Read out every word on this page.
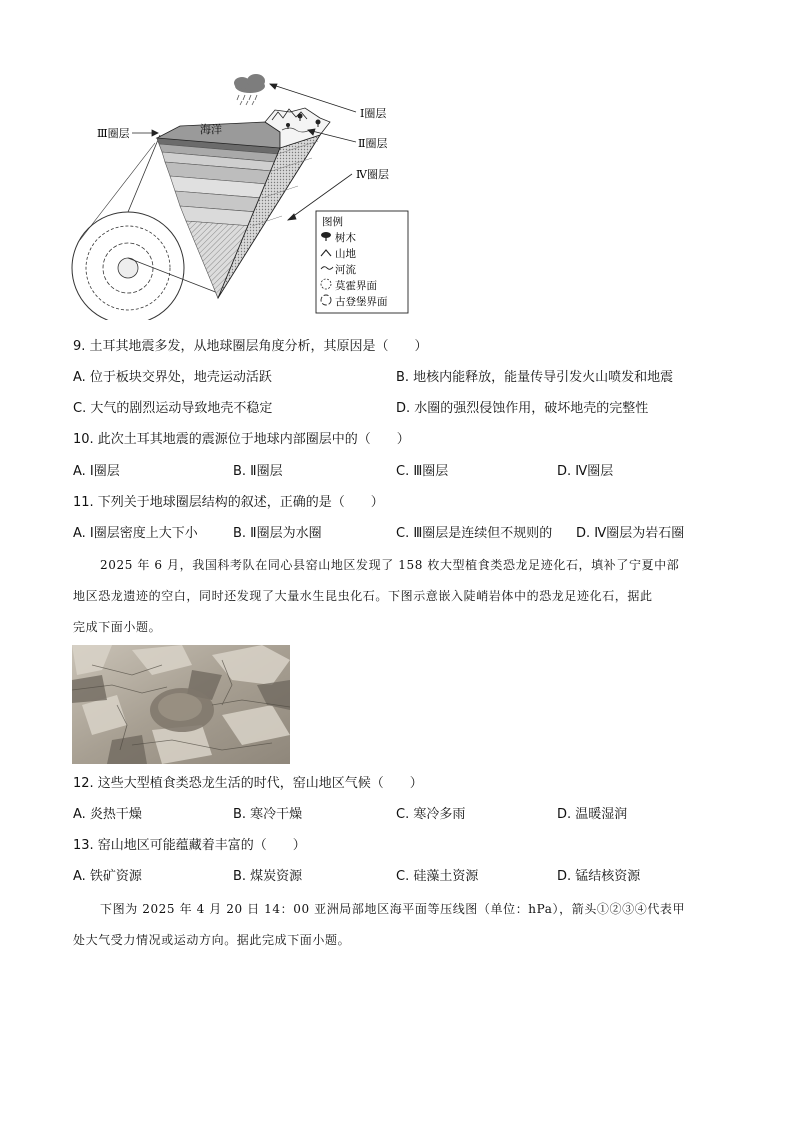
海洋
Ⅰ圈层
Ⅱ圈层
Ⅲ圈层
Ⅳ圈层
图例
树木
山地
河流
莫霍界面
古登堡界面
9. 土耳其地震多发，从地球圈层角度分析，其原因是（　　）
A. 位于板块交界处，地壳运动活跃	B. 地核内能释放，能量传导引发火山喷发和地震
C. 大气的剧烈运动导致地壳不稳定	D. 水圈的强烈侵蚀作用，破坏地壳的完整性
10. 此次土耳其地震的震源位于地球内部圈层中的（　　）
A. Ⅰ圈层	B. Ⅱ圈层	C. Ⅲ圈层	D. Ⅳ圈层
11. 下列关于地球圈层结构的叙述，正确的是（　　）
A. Ⅰ圈层密度上大下小	B. Ⅱ圈层为水圈	C. Ⅲ圈层是连续但不规则的 D. Ⅳ圈层为岩石圈
2025 年 6 月，我国科考队在同心县窑山地区发现了 158 枚大型植食类恐龙足迹化石，填补了宁夏中部
地区恐龙遗迹的空白，同时还发现了大量水生昆虫化石。下图示意嵌入陡峭岩体中的恐龙足迹化石，据此
完成下面小题。
12. 这些大型植食类恐龙生活的时代，窑山地区气候（　　）
A. 炎热干燥	B. 寒冷干燥	C. 寒冷多雨	D. 温暖湿润
13. 窑山地区可能蕴藏着丰富的（　　）
A. 铁矿资源	B. 煤炭资源	C. 硅藻土资源	D. 锰结核资源
下图为 2025 年 4 月 20 日 14：00 亚洲局部地区海平面等压线图（单位：hPa），箭头①②③④代表甲
处大气受力情况或运动方向。据此完成下面小题。
